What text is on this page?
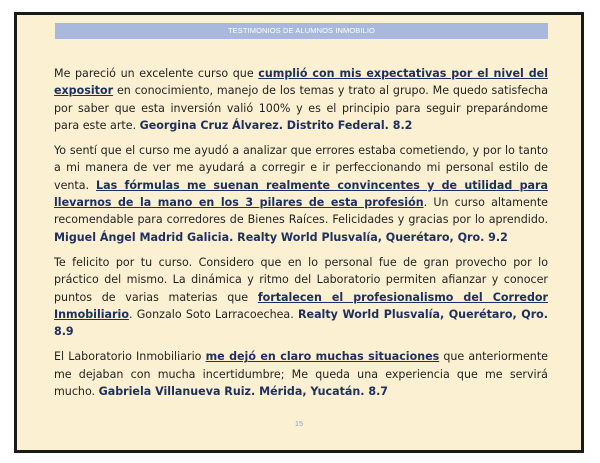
TESTIMONIOS DE ALUMNOS INMOBILIO

Me pareció un excelente curso que cumplió con mis expectativas por el nivel del expositor en conocimiento, manejo de los temas y trato al grupo. Me quedo satisfecha por saber que esta inversión valió 100% y es el principio para seguir preparándome para este arte. Georgina Cruz Álvarez. Distrito Federal. 8.2

Yo sentí que el curso me ayudó a analizar que errores estaba cometiendo, y por lo tanto a mi manera de ver me ayudará a corregir e ir perfeccionando mi personal estilo de venta. Las fórmulas me suenan realmente convincentes y de utilidad para llevarnos de la mano en los 3 pilares de esta profesión. Un curso altamente recomendable para corredores de Bienes Raíces. Felicidades y gracias por lo aprendido. Miguel Ángel Madrid Galicia. Realty World Plusvalía, Querétaro, Qro. 9.2

Te felicito por tu curso. Considero que en lo personal fue de gran provecho por lo práctico del mismo. La dinámica y ritmo del Laboratorio permiten afianzar y conocer puntos de varias materias que fortalecen el profesionalismo del Corredor Inmobiliario. Gonzalo Soto Larracoechea. Realty World Plusvalía, Querétaro, Qro. 8.9

El Laboratorio Inmobiliario me dejó en claro muchas situaciones que anteriormente me dejaban con mucha incertidumbre; Me queda una experiencia que me servirá mucho. Gabriela Villanueva Ruiz. Mérida, Yucatán. 8.7

15
